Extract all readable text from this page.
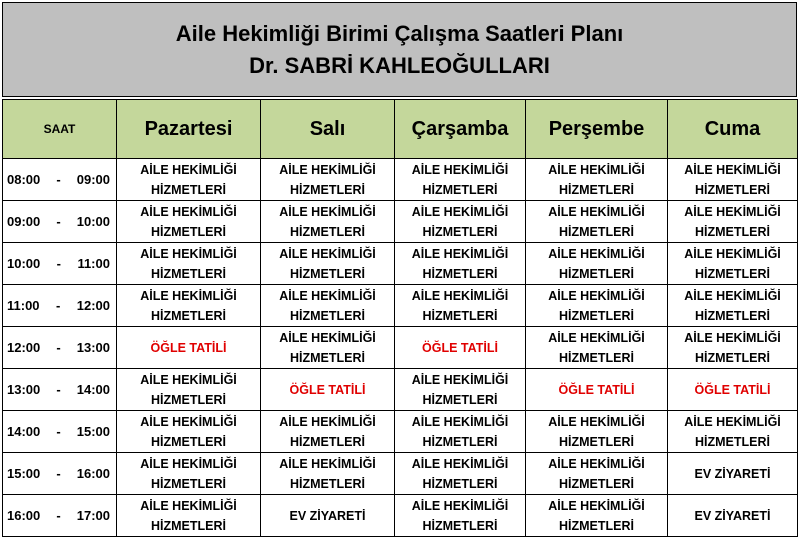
Aile Hekimliği Birimi Çalışma Saatleri Planı
Dr. SABRİ KAHLEOĞULLARI
SAAT	Pazartesi	Salı	Çarşamba	Perşembe	Cuma

08:00 - 09:00	AİLE HEKİMLİĞİ HİZMETLERİ	AİLE HEKİMLİĞİ HİZMETLERİ	AİLE HEKİMLİĞİ HİZMETLERİ	AİLE HEKİMLİĞİ HİZMETLERİ	AİLE HEKİMLİĞİ HİZMETLERİ

09:00 - 10:00	AİLE HEKİMLİĞİ HİZMETLERİ	AİLE HEKİMLİĞİ HİZMETLERİ	AİLE HEKİMLİĞİ HİZMETLERİ	AİLE HEKİMLİĞİ HİZMETLERİ	AİLE HEKİMLİĞİ HİZMETLERİ

10:00 - 11:00	AİLE HEKİMLİĞİ HİZMETLERİ	AİLE HEKİMLİĞİ HİZMETLERİ	AİLE HEKİMLİĞİ HİZMETLERİ	AİLE HEKİMLİĞİ HİZMETLERİ	AİLE HEKİMLİĞİ HİZMETLERİ

11:00 - 12:00	AİLE HEKİMLİĞİ HİZMETLERİ	AİLE HEKİMLİĞİ HİZMETLERİ	AİLE HEKİMLİĞİ HİZMETLERİ	AİLE HEKİMLİĞİ HİZMETLERİ	AİLE HEKİMLİĞİ HİZMETLERİ

12:00 - 13:00	ÖĞLE TATİLİ	AİLE HEKİMLİĞİ HİZMETLERİ	ÖĞLE TATİLİ	AİLE HEKİMLİĞİ HİZMETLERİ	AİLE HEKİMLİĞİ HİZMETLERİ

13:00 - 14:00	AİLE HEKİMLİĞİ HİZMETLERİ	ÖĞLE TATİLİ	AİLE HEKİMLİĞİ HİZMETLERİ	ÖĞLE TATİLİ	ÖĞLE TATİLİ

14:00 - 15:00	AİLE HEKİMLİĞİ HİZMETLERİ	AİLE HEKİMLİĞİ HİZMETLERİ	AİLE HEKİMLİĞİ HİZMETLERİ	AİLE HEKİMLİĞİ HİZMETLERİ	AİLE HEKİMLİĞİ HİZMETLERİ

15:00 - 16:00	AİLE HEKİMLİĞİ HİZMETLERİ	AİLE HEKİMLİĞİ HİZMETLERİ	AİLE HEKİMLİĞİ HİZMETLERİ	AİLE HEKİMLİĞİ HİZMETLERİ	EV ZİYARETİ

16:00 - 17:00	AİLE HEKİMLİĞİ HİZMETLERİ	EV ZİYARETİ	AİLE HEKİMLİĞİ HİZMETLERİ	AİLE HEKİMLİĞİ HİZMETLERİ	EV ZİYARETİ
